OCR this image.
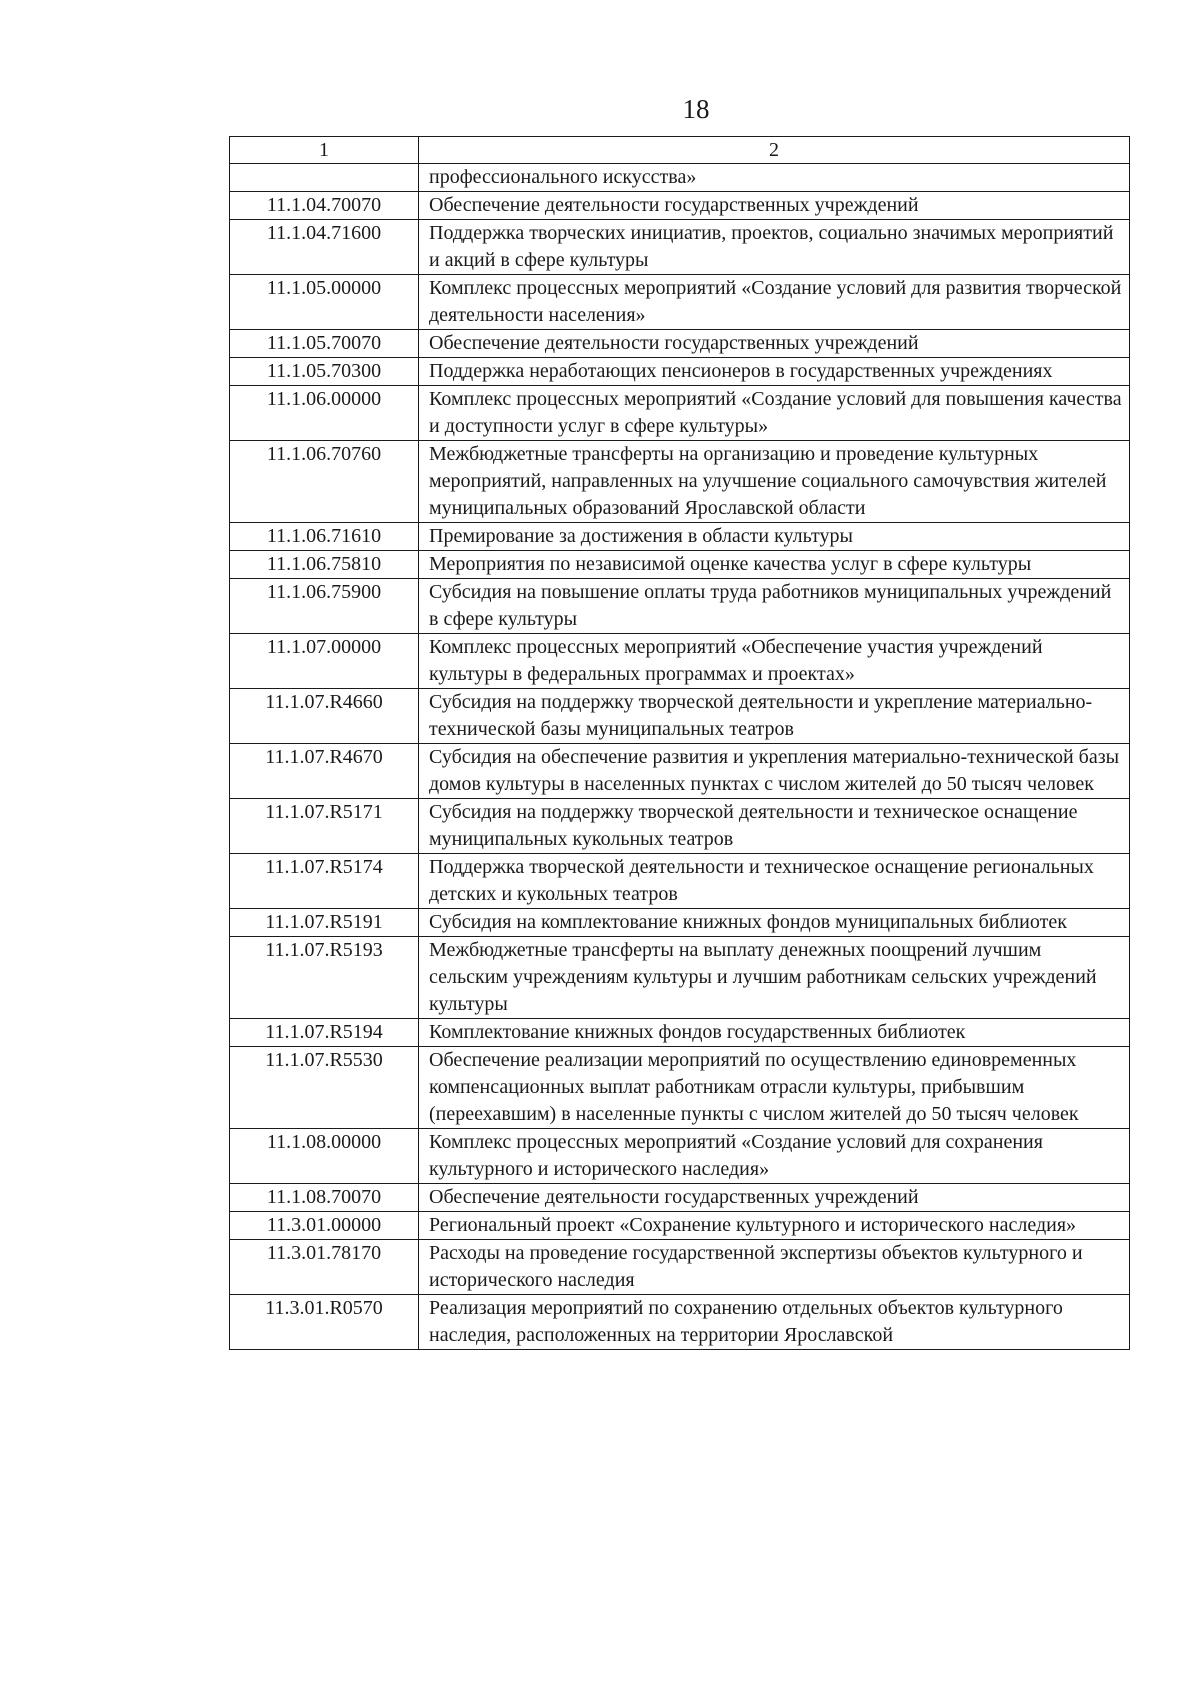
18
1	2
	профессионального искусства»
11.1.04.70070	Обеспечение деятельности государственных учреждений
11.1.04.71600	Поддержка творческих инициатив, проектов, социально значимых мероприятий и акций в сфере культуры
11.1.05.00000	Комплекс процессных мероприятий «Создание условий для развития творческой деятельности населения»
11.1.05.70070	Обеспечение деятельности государственных учреждений
11.1.05.70300	Поддержка неработающих пенсионеров в государственных учреждениях
11.1.06.00000	Комплекс процессных мероприятий «Создание условий для повышения качества и доступности услуг в сфере культуры»
11.1.06.70760	Межбюджетные трансферты на организацию и проведение культурных мероприятий, направленных на улучшение социального самочувствия жителей муниципальных образований Ярославской области
11.1.06.71610	Премирование за достижения в области культуры
11.1.06.75810	Мероприятия по независимой оценке качества услуг в сфере культуры
11.1.06.75900	Субсидия на повышение оплаты труда работников муниципальных учреждений в сфере культуры
11.1.07.00000	Комплекс процессных мероприятий «Обеспечение участия учреждений культуры в федеральных программах и проектах»
11.1.07.R4660	Субсидия на поддержку творческой деятельности и укрепление материально-технической базы муниципальных театров
11.1.07.R4670	Субсидия на обеспечение развития и укрепления материально-технической базы домов культуры в населенных пунктах с числом жителей до 50 тысяч человек
11.1.07.R5171	Субсидия на поддержку творческой деятельности и техническое оснащение муниципальных кукольных театров
11.1.07.R5174	Поддержка творческой деятельности и техническое оснащение региональных детских и кукольных театров
11.1.07.R5191	Субсидия на комплектование книжных фондов муниципальных библиотек
11.1.07.R5193	Межбюджетные трансферты на выплату денежных поощрений лучшим сельским учреждениям культуры и лучшим работникам сельских учреждений культуры
11.1.07.R5194	Комплектование книжных фондов государственных библиотек
11.1.07.R5530	Обеспечение реализации мероприятий по осуществлению единовременных компенсационных выплат работникам отрасли культуры, прибывшим (переехавшим) в населенные пункты с числом жителей до 50 тысяч человек
11.1.08.00000	Комплекс процессных мероприятий «Создание условий для сохранения культурного и исторического наследия»
11.1.08.70070	Обеспечение деятельности государственных учреждений
11.3.01.00000	Региональный проект «Сохранение культурного и исторического наследия»
11.3.01.78170	Расходы на проведение государственной экспертизы объектов культурного и исторического наследия
11.3.01.R0570	Реализация мероприятий по сохранению отдельных объектов культурного наследия, расположенных на территории Ярославской
